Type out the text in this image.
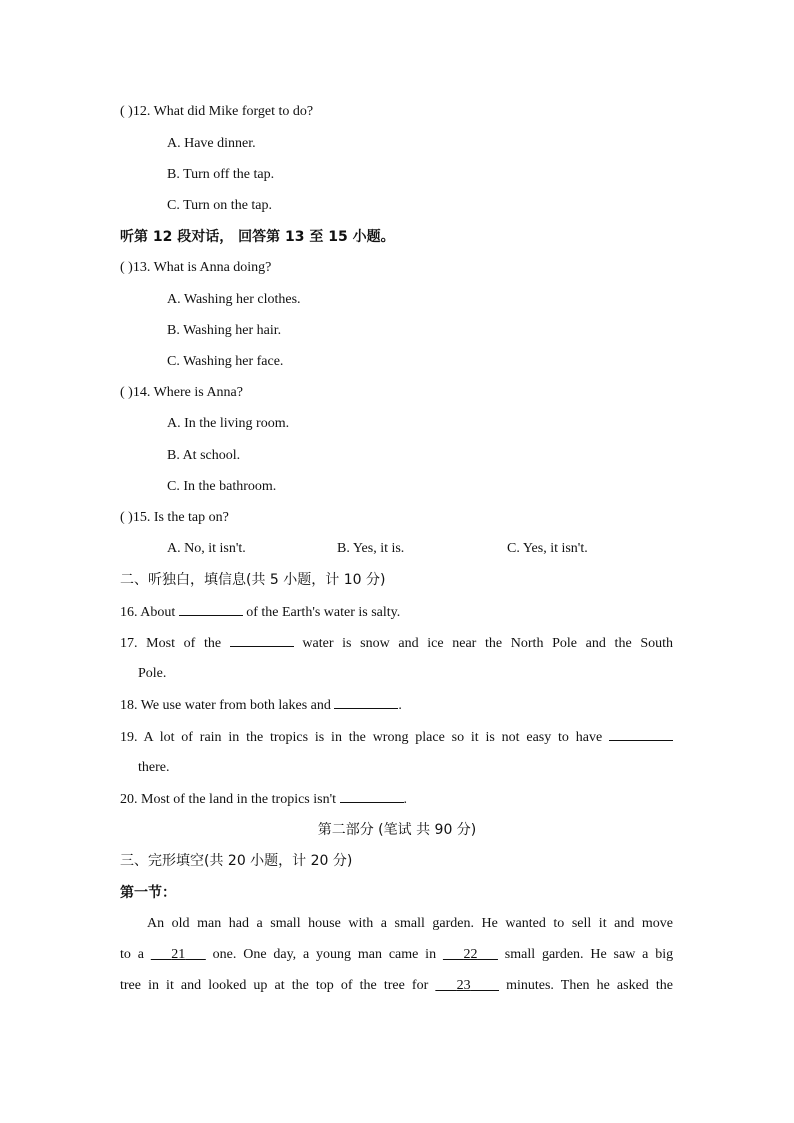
( )12. What did Mike forget to do?
A. Have dinner.
B. Turn off the tap.
C. Turn on the tap.
听第 12 段对话， 回答第 13 至 15 小题。
( )13. What is Anna doing?
A. Washing her clothes.
B. Washing her hair.
C. Washing her face.
( )14. Where is Anna?
A. In the living room.
B. At school.
C. In the bathroom.
( )15. Is the tap on?
A. No, it isn't.	B. Yes, it is.	C. Yes, it isn't.
二、听独白，填信息(共 5 小题，计 10 分)
16. About	of the Earth's water is salty.
17. Most of the	water is snow and ice near the North Pole and the South
Pole.
18. We use water from both lakes and	.
19. A lot of rain in the tropics is in the wrong place so it is not easy to have
there.
20. Most of the land in the tropics isn't	.
第二部分 (笔试 共 90 分)
三、完形填空(共 20 小题，计 20 分)
第一节：
An old man had a small house with a small garden. He wanted to sell it and move
to a 21 one. One day, a young man came in 22 small garden. He saw a big
tree in it and looked up at the top of the tree for 23	minutes. Then he asked the
